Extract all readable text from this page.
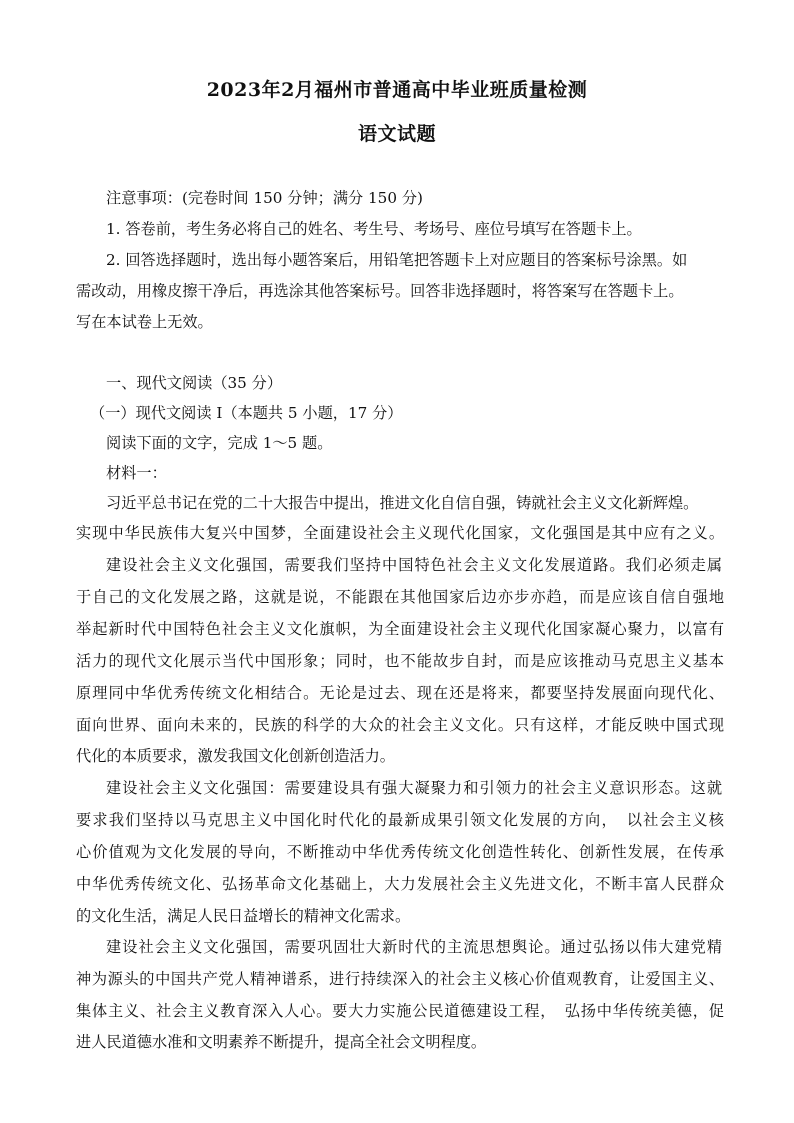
2023年2月福州市普通高中毕业班质量检测
语文试题
注意事项：(完卷时间 150 分钟；满分 150 分)
1. 答卷前，考生务必将自己的姓名、考生号、考场号、座位号填写在答题卡上。
2. 回答选择题时，选出每小题答案后，用铅笔把答题卡上对应题目的答案标号涂黑。如
需改动，用橡皮擦干净后，再选涂其他答案标号。回答非选择题时，将答案写在答题卡上。
写在本试卷上无效。
一、现代文阅读（35 分）
（一）现代文阅读 I（本题共 5 小题，17 分）
阅读下面的文字，完成 1～5 题。
材料一：
习近平总书记在党的二十大报告中提出，推进文化自信自强，铸就社会主义文化新辉煌。
实现中华民族伟大复兴中国梦，全面建设社会主义现代化国家，文化强国是其中应有之义。
建设社会主义文化强国，需要我们坚持中国特色社会主义文化发展道路。我们必须走属
于自己的文化发展之路，这就是说，不能跟在其他国家后边亦步亦趋，而是应该自信自强地
举起新时代中国特色社会主义文化旗帜，为全面建设社会主义现代化国家凝心聚力，以富有
活力的现代文化展示当代中国形象；同时，也不能故步自封，而是应该推动马克思主义基本
原理同中华优秀传统文化相结合。无论是过去、现在还是将来，都要坚持发展面向现代化、
面向世界、面向未来的，民族的科学的大众的社会主义文化。只有这样，才能反映中国式现
代化的本质要求，激发我国文化创新创造活力。
建设社会主义文化强国：需要建设具有强大凝聚力和引领力的社会主义意识形态。这就
要求我们坚持以马克思主义中国化时代化的最新成果引领文化发展的方向，　以社会主义核
心价值观为文化发展的导向，不断推动中华优秀传统文化创造性转化、创新性发展，在传承
中华优秀传统文化、弘扬革命文化基础上，大力发展社会主义先进文化，不断丰富人民群众
的文化生活，满足人民日益增长的精神文化需求。
建设社会主义文化强国，需要巩固壮大新时代的主流思想舆论。通过弘扬以伟大建党精
神为源头的中国共产党人精神谱系，进行持续深入的社会主义核心价值观教育，让爱国主义、
集体主义、社会主义教育深入人心。要大力实施公民道德建设工程，　弘扬中华传统美德，促
进人民道德水准和文明素养不断提升，提高全社会文明程度。
